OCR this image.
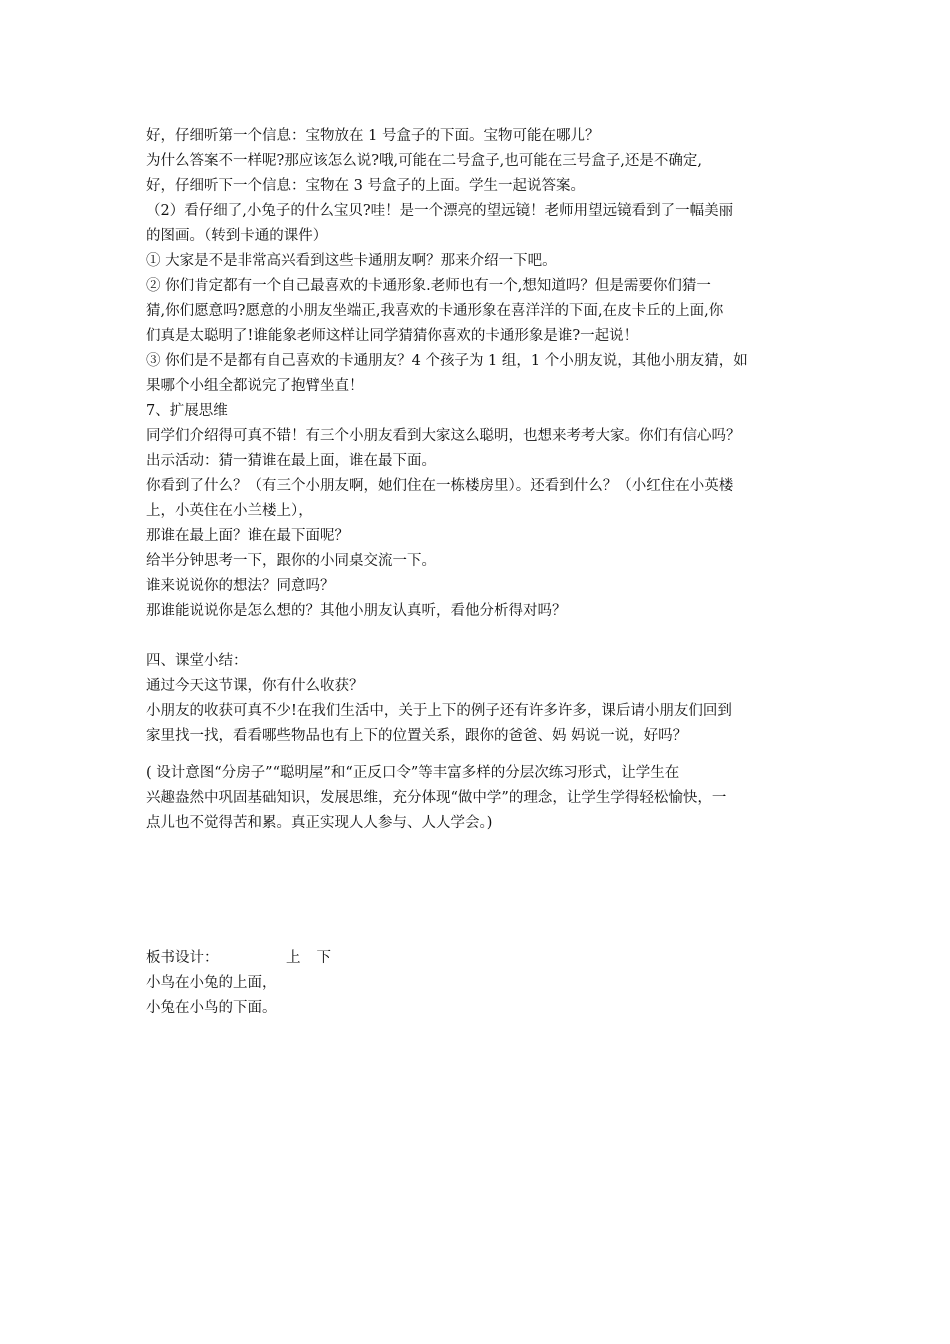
好，仔细听第一个信息：宝物放在 1 号盒子的下面。宝物可能在哪儿？
为什么答案不一样呢?那应该怎么说?哦,可能在二号盒子,也可能在三号盒子,还是不确定,
好，仔细听下一个信息：宝物在 3 号盒子的上面。学生一起说答案。
（2）看仔细了,小兔子的什么宝贝?哇！是一个漂亮的望远镜！老师用望远镜看到了一幅美丽
的图画。（转到卡通的课件）
① 大家是不是非常高兴看到这些卡通朋友啊？那来介绍一下吧。
② 你们肯定都有一个自己最喜欢的卡通形象.老师也有一个,想知道吗？但是需要你们猜一
猜,你们愿意吗?愿意的小朋友坐端正,我喜欢的卡通形象在喜洋洋的下面,在皮卡丘的上面,你
们真是太聪明了!谁能象老师这样让同学猜猜你喜欢的卡通形象是谁?一起说！
③ 你们是不是都有自己喜欢的卡通朋友？4 个孩子为 1 组，1 个小朋友说，其他小朋友猜，如
果哪个小组全都说完了抱臂坐直！
7、扩展思维
同学们介绍得可真不错！有三个小朋友看到大家这么聪明，也想来考考大家。你们有信心吗？
出示活动：猜一猜谁在最上面，谁在最下面。
你看到了什么？（有三个小朋友啊，她们住在一栋楼房里）。还看到什么？（小红住在小英楼
上，小英住在小兰楼上），
那谁在最上面？谁在最下面呢？
给半分钟思考一下，跟你的小同桌交流一下。
谁来说说你的想法？同意吗？
那谁能说说你是怎么想的？其他小朋友认真听，看他分析得对吗？
四、课堂小结：
通过今天这节课，你有什么收获？
小朋友的收获可真不少!在我们生活中，关于上下的例子还有许多许多，课后请小朋友们回到
家里找一找，看看哪些物品也有上下的位置关系，跟你的爸爸、妈 妈说一说，好吗？
( 设计意图“分房子”“聪明屋”和“正反口令”等丰富多样的分层次练习形式，让学生在
兴趣盎然中巩固基础知识，发展思维，充分体现“做中学”的理念，让学生学得轻松愉快，一
点儿也不觉得苦和累。真正实现人人参与、人人学会。)
板书设计：	上 下
小鸟在小兔的上面，
小兔在小鸟的下面。
